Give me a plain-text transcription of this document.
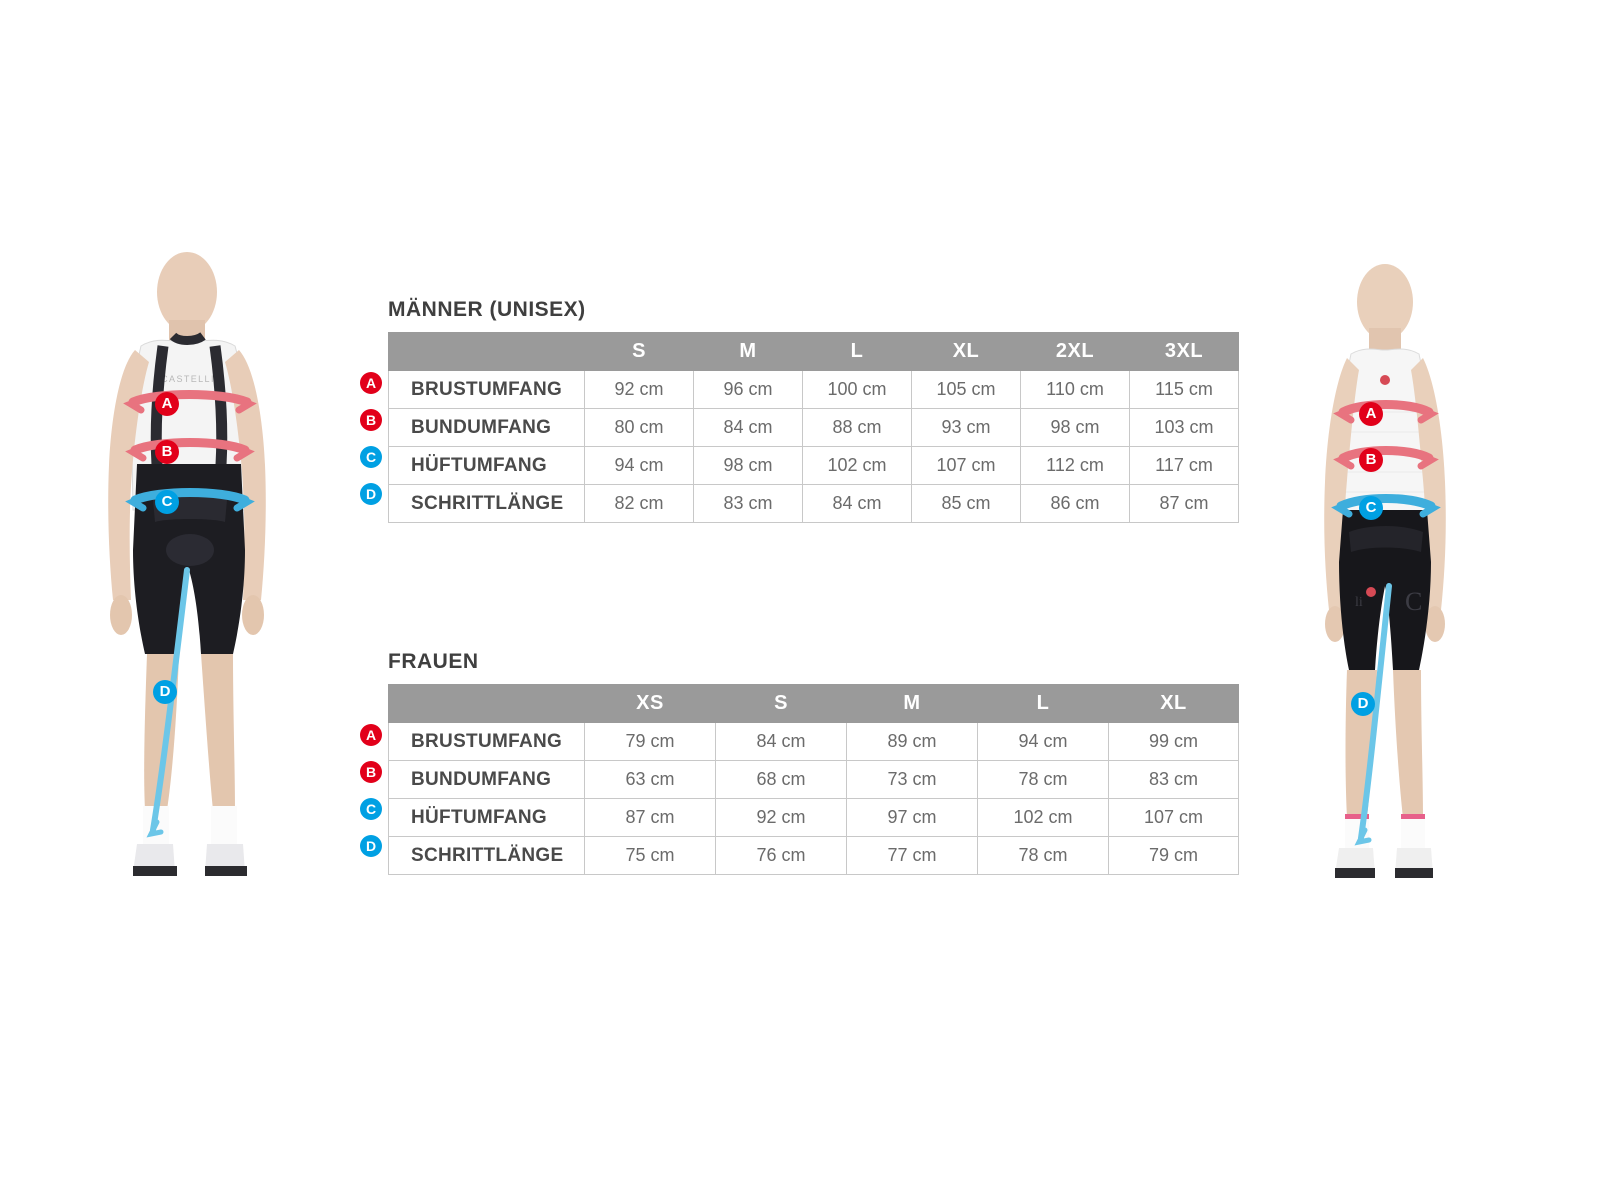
CASTELLI
A
B
C
D
C
li
A
B
C
D
MÄNNER (UNISEX)
A
B
C
D
	S	M	L	XL	2XL	3XL
BRUSTUMFANG	92 cm	96 cm	100 cm	105 cm	110 cm	115 cm
BUNDUMFANG	80 cm	84 cm	88 cm	93 cm	98 cm	103 cm
HÜFTUMFANG	94 cm	98 cm	102 cm	107 cm	112 cm	117 cm
SCHRITTLÄNGE	82 cm	83 cm	84 cm	85 cm	86 cm	87 cm
FRAUEN
A
B
C
D
	XS	S	M	L	XL
BRUSTUMFANG	79 cm	84 cm	89 cm	94 cm	99 cm
BUNDUMFANG	63 cm	68 cm	73 cm	78 cm	83 cm
HÜFTUMFANG	87 cm	92 cm	97 cm	102 cm	107 cm
SCHRITTLÄNGE	75 cm	76 cm	77 cm	78 cm	79 cm
